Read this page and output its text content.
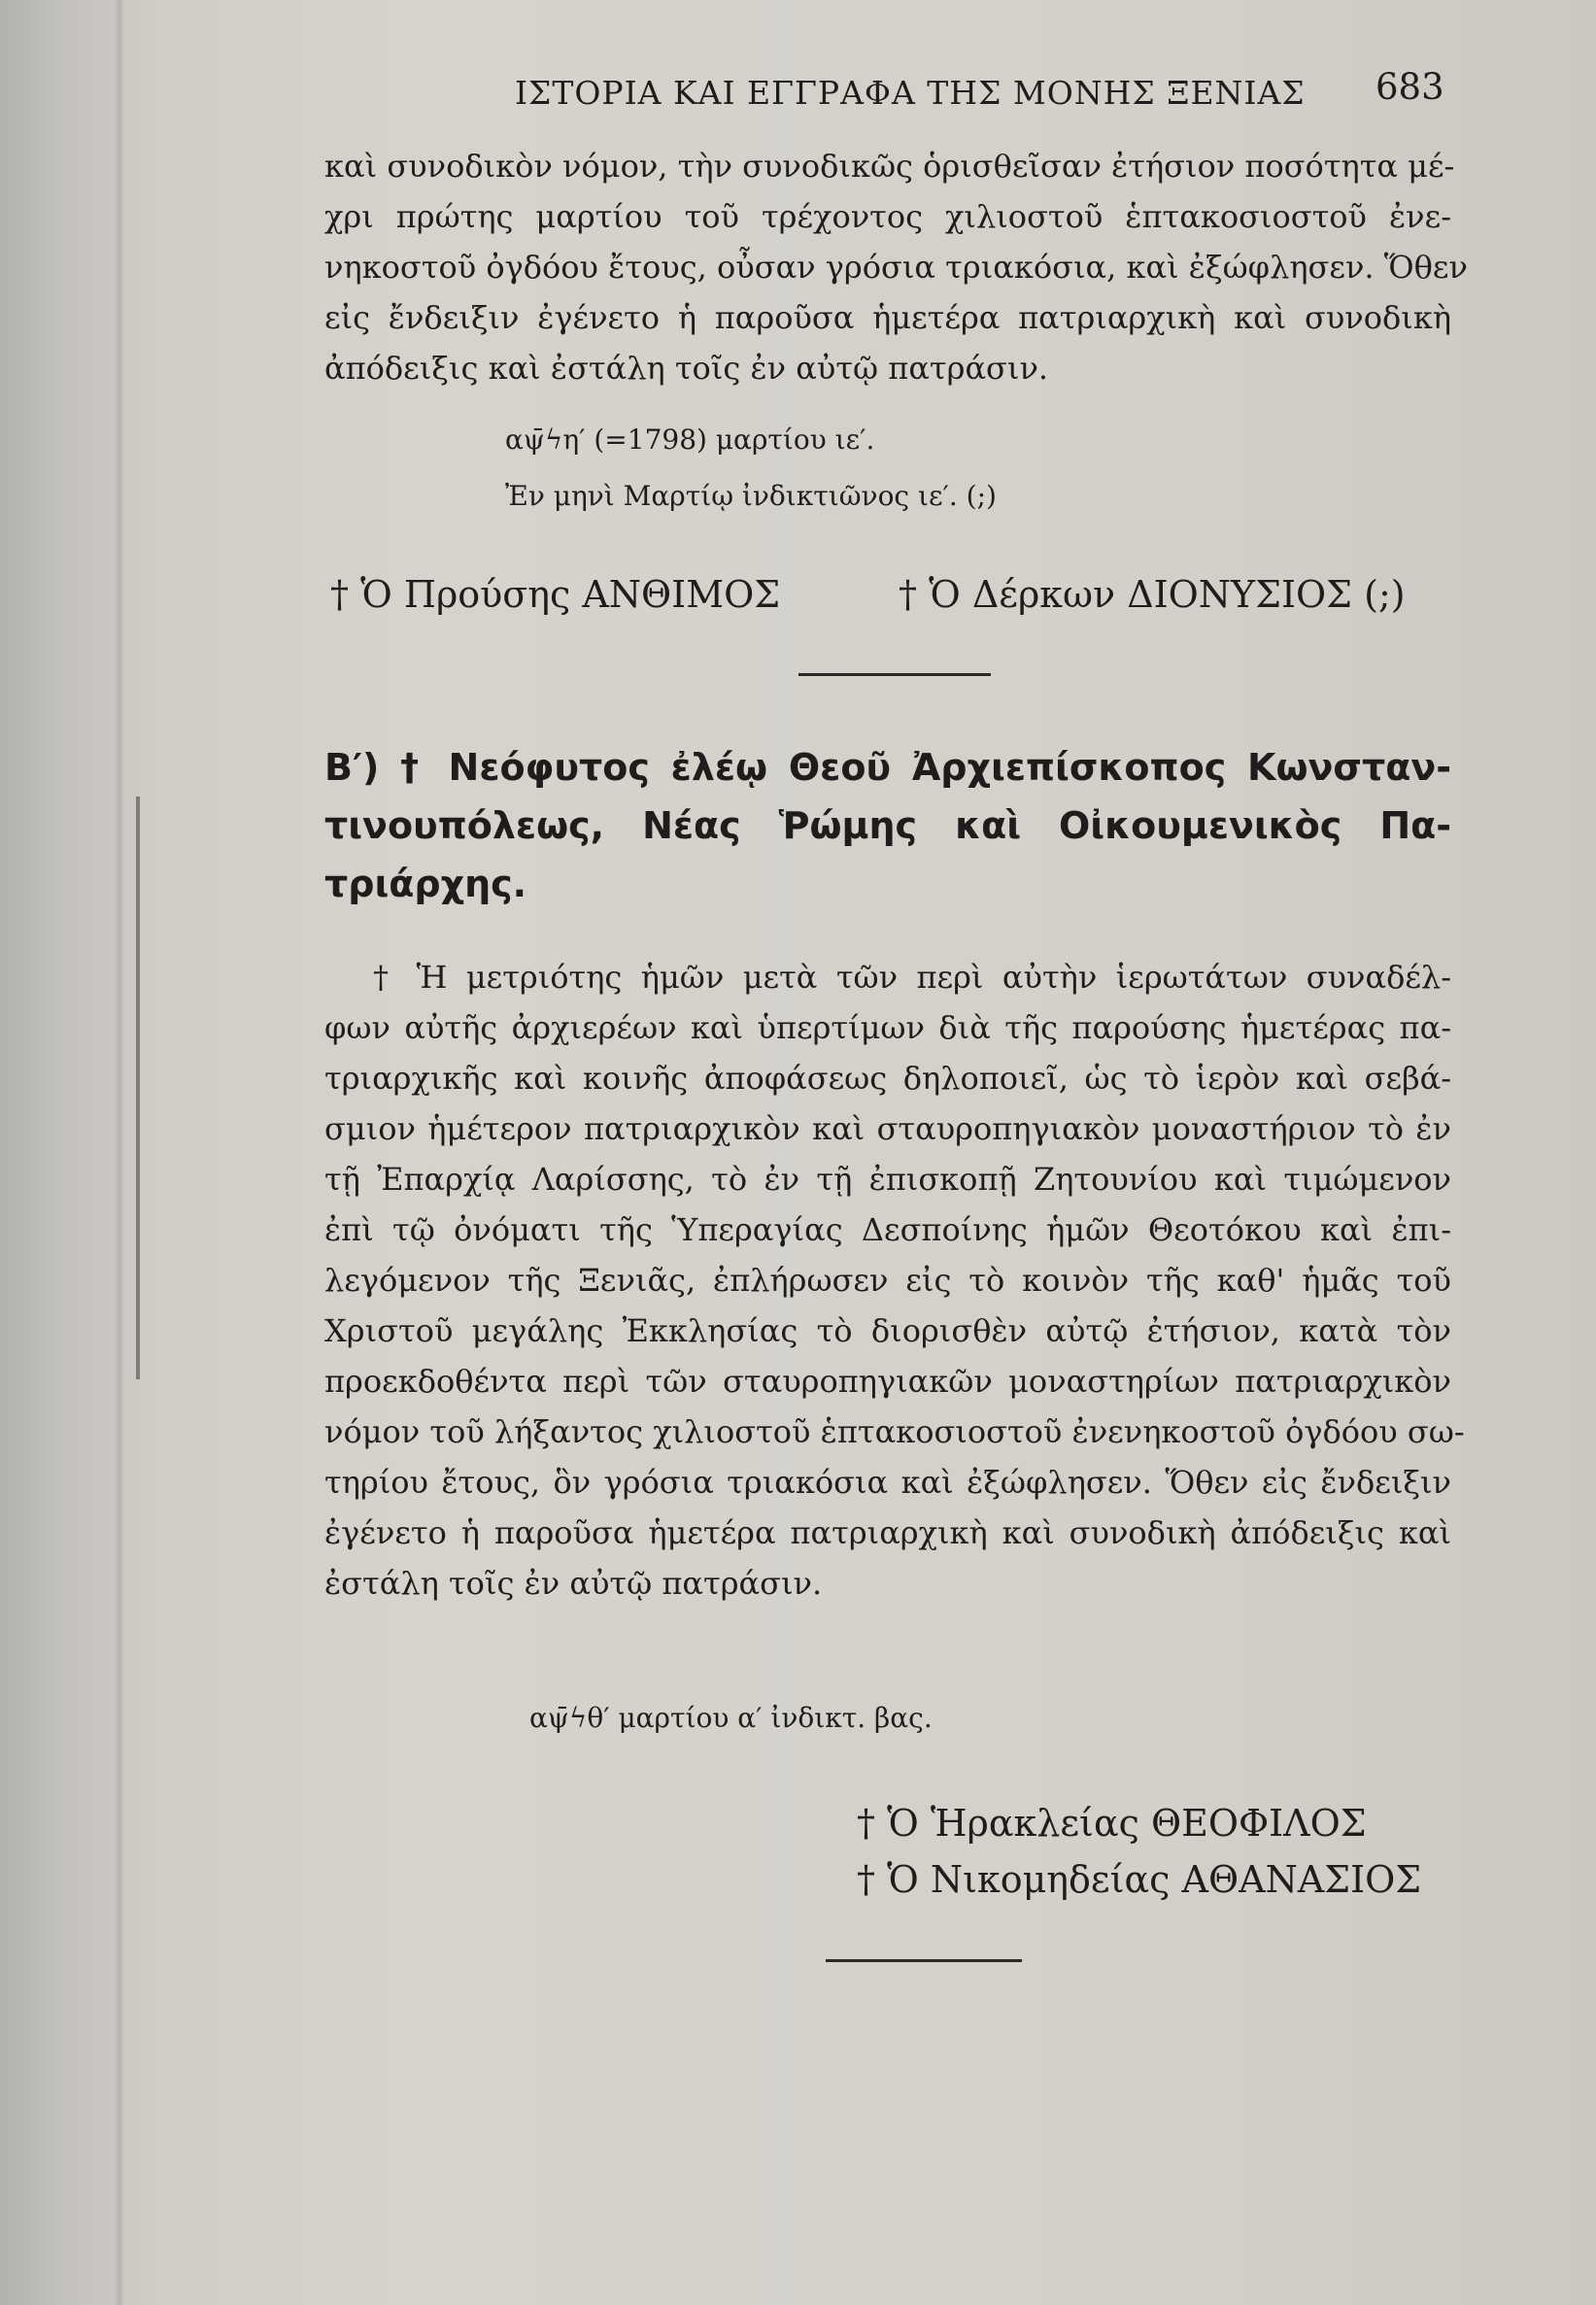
ΙΣΤΟΡΙΑ ΚΑΙ ΕΓΓΡΑΦΑ ΤΗΣ ΜΟΝΗΣ ΞΕΝΙΑΣ 683
καὶ συνοδικὸν νόμον, τὴν συνοδικῶς ὁρισθεῖσαν ἐτήσιον ποσότητα μέ-
χρι πρώτης μαρτίου τοῦ τρέχοντος χιλιοστοῦ ἑπτακοσιοστοῦ ἐνε-
νηκοστοῦ ὀγδόου ἔτους, οὖσαν γρόσια τριακόσια, καὶ ἐξώφλησεν. Ὅθεν
εἰς ἔνδειξιν ἐγένετο ἡ παροῦσα ἡμετέρα πατριαρχικὴ καὶ συνοδικὴ
ἀπόδειξις καὶ ἐστάλη τοῖς ἐν αὐτῷ πατράσιν.
αψ̄ϟη′ (=1798) μαρτίου ιε′.
Ἐν μηνὶ Μαρτίῳ ἰνδικτιῶνος ιε′. (;)
† Ὁ Προύσης ΑΝΘΙΜΟΣ	† Ὁ Δέρκων ΔΙΟΝΥΣΙΟΣ (;)
Β′) † Νεόφυτος ἐλέῳ Θεοῦ Ἀρχιεπίσκοπος Κωνσταν-
τινουπόλεως, Νέας Ῥώμης καὶ Οἰκουμενικὸς Πα-
τριάρχης.
† Ἡ μετριότης ἡμῶν μετὰ τῶν περὶ αὐτὴν ἱερωτάτων συναδέλ-
φων αὐτῆς ἀρχιερέων καὶ ὑπερτίμων διὰ τῆς παρούσης ἡμετέρας πα-
τριαρχικῆς καὶ κοινῆς ἀποφάσεως δηλοποιεῖ, ὡς τὸ ἱερὸν καὶ σεβά-
σμιον ἡμέτερον πατριαρχικὸν καὶ σταυροπηγιακὸν μοναστήριον τὸ ἐν
τῇ Ἐπαρχίᾳ Λαρίσσης, τὸ ἐν τῇ ἐπισκοπῇ Ζητουνίου καὶ τιμώμενον
ἐπὶ τῷ ὀνόματι τῆς Ὑπεραγίας Δεσποίνης ἡμῶν Θεοτόκου καὶ ἐπι-
λεγόμενον τῆς Ξενιᾶς, ἐπλήρωσεν εἰς τὸ κοινὸν τῆς καθ' ἡμᾶς τοῦ
Χριστοῦ μεγάλης Ἐκκλησίας τὸ διορισθὲν αὐτῷ ἐτήσιον, κατὰ τὸν
προεκδοθέντα περὶ τῶν σταυροπηγιακῶν μοναστηρίων πατριαρχικὸν
νόμον τοῦ λήξαντος χιλιοστοῦ ἑπτακοσιοστοῦ ἐνενηκοστοῦ ὀγδόου σω-
τηρίου ἔτους, ὃν γρόσια τριακόσια καὶ ἐξώφλησεν. Ὅθεν εἰς ἔνδειξιν
ἐγένετο ἡ παροῦσα ἡμετέρα πατριαρχικὴ καὶ συνοδικὴ ἀπόδειξις καὶ
ἐστάλη τοῖς ἐν αὐτῷ πατράσιν.
αψ̄ϟθ′ μαρτίου α′ ἰνδικτ. βας.
† Ὁ Ἡρακλείας ΘΕΟΦΙΛΟΣ
† Ὁ Νικομηδείας ΑΘΑΝΑΣΙΟΣ
